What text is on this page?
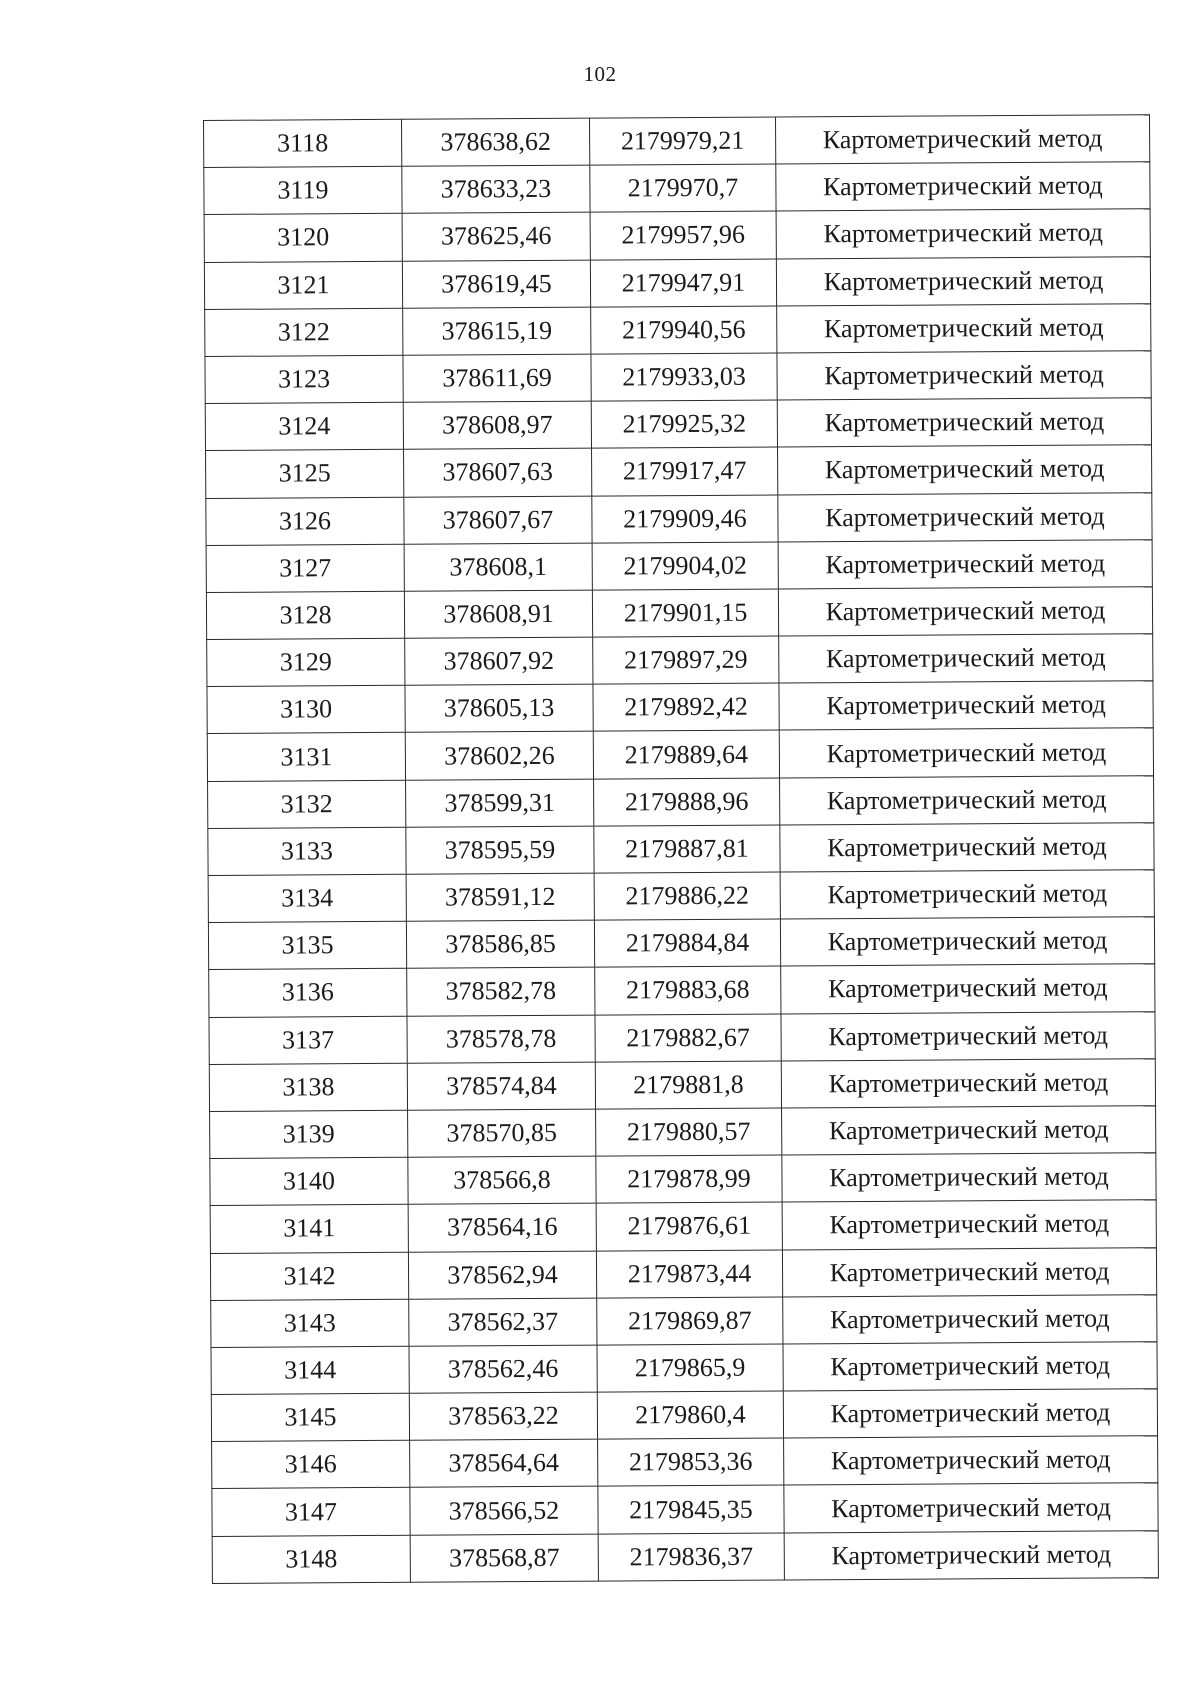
102
3118	378638,62	2179979,21	Картометрический метод
3119	378633,23	2179970,7	Картометрический метод
3120	378625,46	2179957,96	Картометрический метод
3121	378619,45	2179947,91	Картометрический метод
3122	378615,19	2179940,56	Картометрический метод
3123	378611,69	2179933,03	Картометрический метод
3124	378608,97	2179925,32	Картометрический метод
3125	378607,63	2179917,47	Картометрический метод
3126	378607,67	2179909,46	Картометрический метод
3127	378608,1	2179904,02	Картометрический метод
3128	378608,91	2179901,15	Картометрический метод
3129	378607,92	2179897,29	Картометрический метод
3130	378605,13	2179892,42	Картометрический метод
3131	378602,26	2179889,64	Картометрический метод
3132	378599,31	2179888,96	Картометрический метод
3133	378595,59	2179887,81	Картометрический метод
3134	378591,12	2179886,22	Картометрический метод
3135	378586,85	2179884,84	Картометрический метод
3136	378582,78	2179883,68	Картометрический метод
3137	378578,78	2179882,67	Картометрический метод
3138	378574,84	2179881,8	Картометрический метод
3139	378570,85	2179880,57	Картометрический метод
3140	378566,8	2179878,99	Картометрический метод
3141	378564,16	2179876,61	Картометрический метод
3142	378562,94	2179873,44	Картометрический метод
3143	378562,37	2179869,87	Картометрический метод
3144	378562,46	2179865,9	Картометрический метод
3145	378563,22	2179860,4	Картометрический метод
3146	378564,64	2179853,36	Картометрический метод
3147	378566,52	2179845,35	Картометрический метод
3148	378568,87	2179836,37	Картометрический метод
